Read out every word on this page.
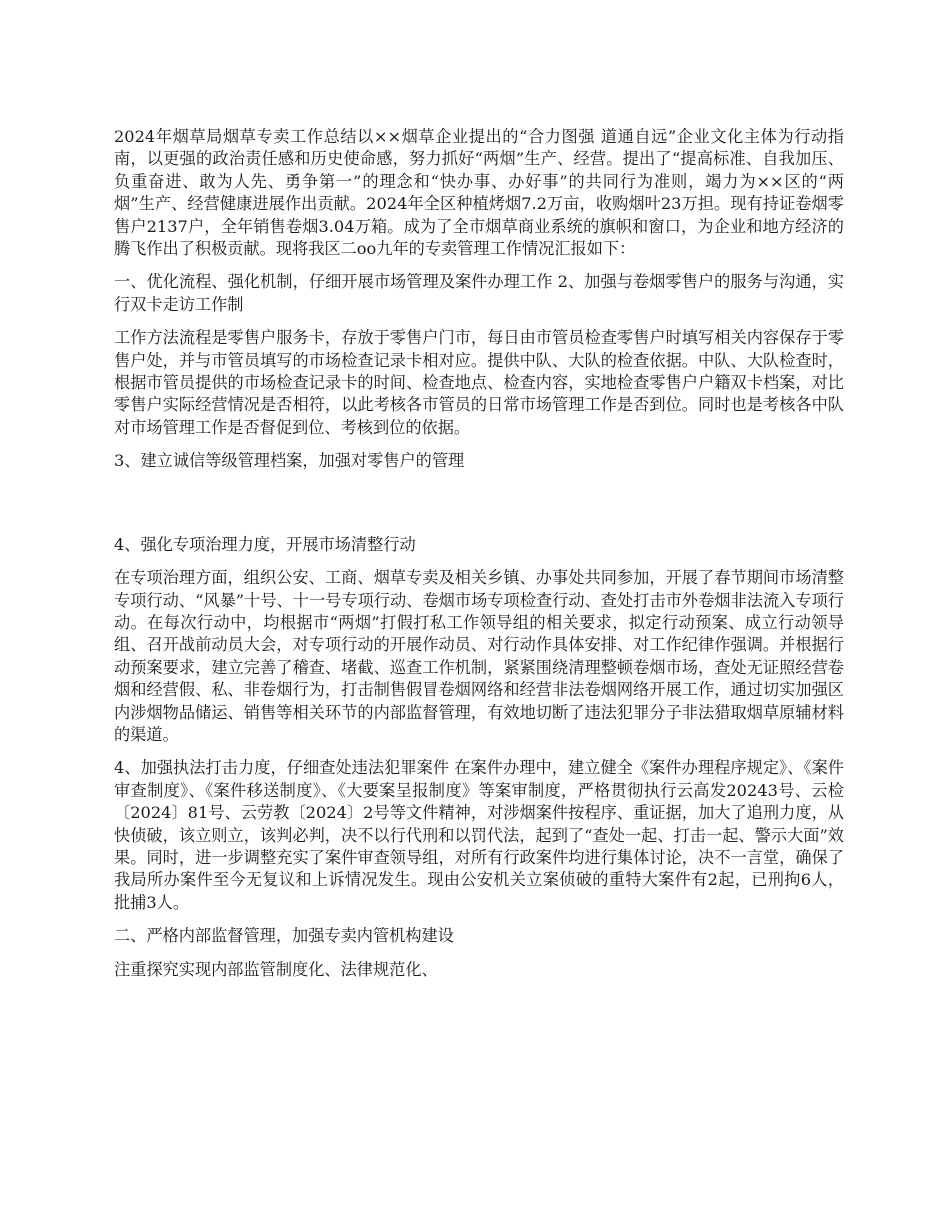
2024年烟草局烟草专卖工作总结以××烟草企业提出的“合力图强 道通自远”企业文化主体为行动指南，以更强的政治责任感和历史使命感，努力抓好“两烟”生产、经营。提出了“提高标准、自我加压、负重奋进、敢为人先、勇争第一”的理念和“快办事、办好事”的共同行为准则，竭力为××区的“两烟”生产、经营健康进展作出贡献。2024年全区种植烤烟7.2万亩，收购烟叶23万担。现有持证卷烟零售户2137户，全年销售卷烟3.04万箱。成为了全市烟草商业系统的旗帜和窗口，为企业和地方经济的腾飞作出了积极贡献。现将我区二oo九年的专卖管理工作情况汇报如下：

一、优化流程、强化机制，仔细开展市场管理及案件办理工作 2、加强与卷烟零售户的服务与沟通，实行双卡走访工作制

工作方法流程是零售户服务卡，存放于零售户门市，每日由市管员检查零售户时填写相关内容保存于零售户处，并与市管员填写的市场检查记录卡相对应。提供中队、大队的检查依据。中队、大队检查时，根据市管员提供的市场检查记录卡的时间、检查地点、检查内容，实地检查零售户户籍双卡档案，对比零售户实际经营情况是否相符，以此考核各市管员的日常市场管理工作是否到位。同时也是考核各中队对市场管理工作是否督促到位、考核到位的依据。

3、建立诚信等级管理档案，加强对零售户的管理

4、强化专项治理力度，开展市场清整行动

在专项治理方面，组织公安、工商、烟草专卖及相关乡镇、办事处共同参加，开展了春节期间市场清整专项行动、“风暴”十号、十一号专项行动、卷烟市场专项检查行动、查处打击市外卷烟非法流入专项行动。在每次行动中，均根据市“两烟”打假打私工作领导组的相关要求，拟定行动预案、成立行动领导组、召开战前动员大会，对专项行动的开展作动员、对行动作具体安排、对工作纪律作强调。并根据行动预案要求，建立完善了稽查、堵截、巡查工作机制，紧紧围绕清理整顿卷烟市场，查处无证照经营卷烟和经营假、私、非卷烟行为，打击制售假冒卷烟网络和经营非法卷烟网络开展工作，通过切实加强区内涉烟物品储运、销售等相关环节的内部监督管理，有效地切断了违法犯罪分子非法猎取烟草原辅材料的渠道。

4、加强执法打击力度，仔细查处违法犯罪案件 在案件办理中，建立健全《案件办理程序规定》、《案件审查制度》、《案件移送制度》、《大要案呈报制度》等案审制度，严格贯彻执行云高发20243号、云检〔2024〕81号、云劳教〔2024〕2号等文件精神，对涉烟案件按程序、重证据，加大了追刑力度，从快侦破，该立则立，该判必判，决不以行代刑和以罚代法，起到了“查处一起、打击一起、警示大面”效果。同时，进一步调整充实了案件审查领导组，对所有行政案件均进行集体讨论，决不一言堂，确保了我局所办案件至今无复议和上诉情况发生。现由公安机关立案侦破的重特大案件有2起，已刑拘6人，批捕3人。

二、严格内部监督管理，加强专卖内管机构建设

注重探究实现内部监管制度化、法律规范化、
